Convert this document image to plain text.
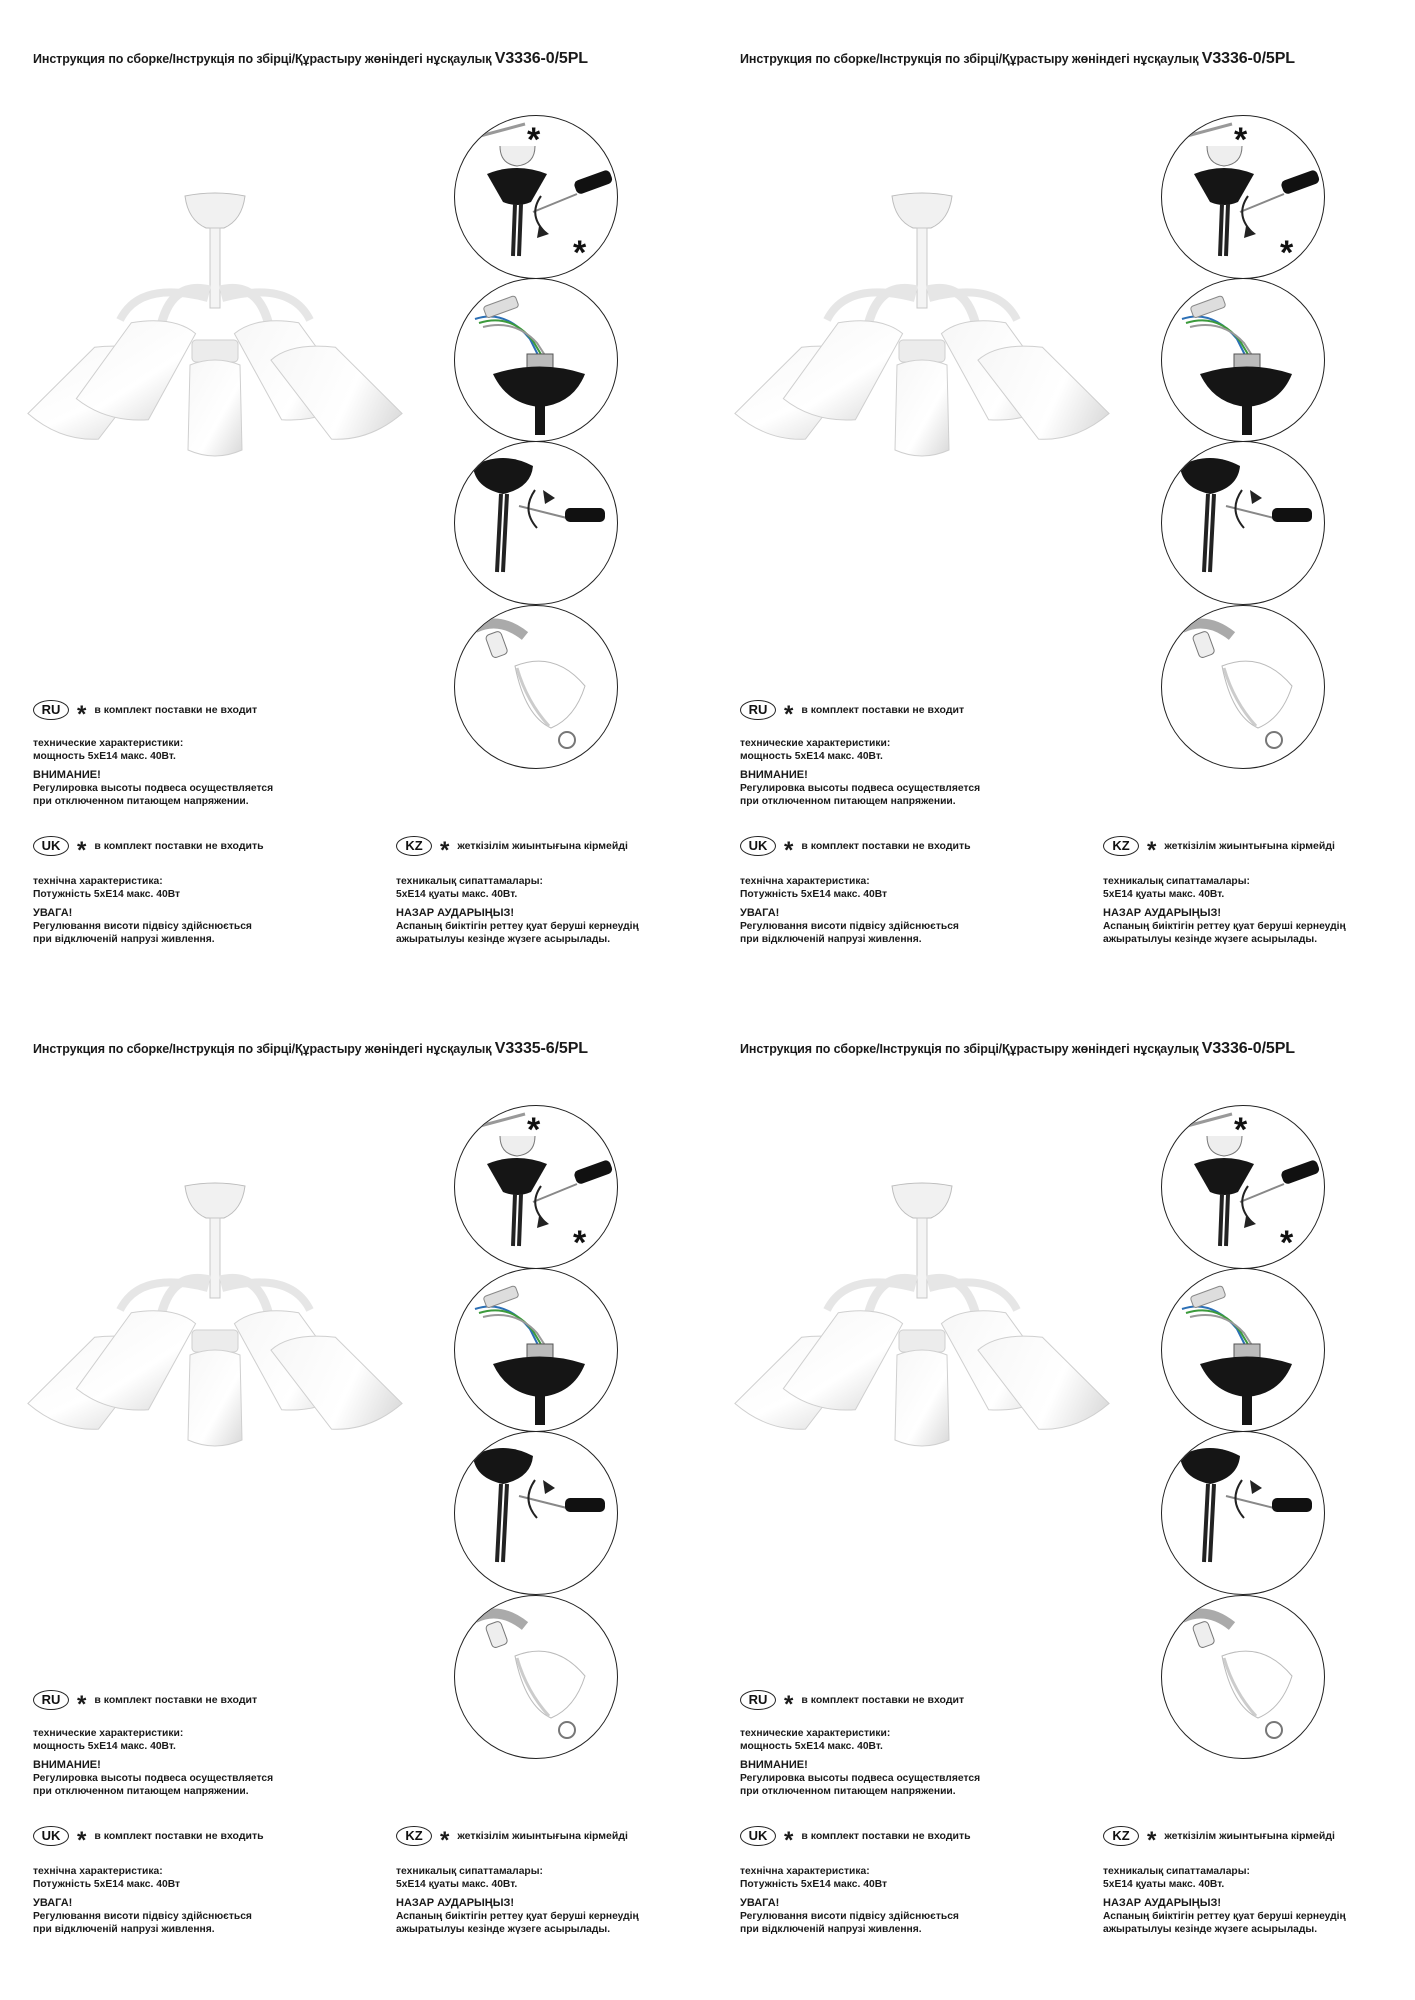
Инструкция по сборке/Інструкція по збірці/Құрастыру жөніндегі нұсқаулық V3336-0/5PL
*
*
RU * в комплект поставки не входит
технические характеристики:
мощность 5xE14 макс. 40Вт.
ВНИМАНИЕ!
Регулировка высоты подвеса осуществляется
при отключенном питающем напряжении.
UK * в комплект поставки не входить
технічна характеристика:
Потужність 5xE14 макс. 40Вт
УВАГА!
Регулювання висоти підвісу здійснюється
при відключеній напрузі живлення.
KZ * жеткізілім жиынтығына кірмейді
техникалық сипаттамалары:
5xE14 қуаты макс. 40Вт.
НАЗАР АУДАРЫҢЫЗ!
Аспаның биіктігін реттеу қуат беруші кернеудің
ажыратылуы кезінде жүзеге асырылады.
Инструкция по сборке/Інструкція по збірці/Құрастыру жөніндегі нұсқаулық V3336-0/5PL
*
*
RU * в комплект поставки не входит
технические характеристики:
мощность 5xE14 макс. 40Вт.
ВНИМАНИЕ!
Регулировка высоты подвеса осуществляется
при отключенном питающем напряжении.
UK * в комплект поставки не входить
технічна характеристика:
Потужність 5xE14 макс. 40Вт
УВАГА!
Регулювання висоти підвісу здійснюється
при відключеній напрузі живлення.
KZ * жеткізілім жиынтығына кірмейді
техникалық сипаттамалары:
5xE14 қуаты макс. 40Вт.
НАЗАР АУДАРЫҢЫЗ!
Аспаның биіктігін реттеу қуат беруші кернеудің
ажыратылуы кезінде жүзеге асырылады.
Инструкция по сборке/Інструкція по збірці/Құрастыру жөніндегі нұсқаулық V3335-6/5PL
*
*
RU * в комплект поставки не входит
технические характеристики:
мощность 5xE14 макс. 40Вт.
ВНИМАНИЕ!
Регулировка высоты подвеса осуществляется
при отключенном питающем напряжении.
UK * в комплект поставки не входить
технічна характеристика:
Потужність 5xE14 макс. 40Вт
УВАГА!
Регулювання висоти підвісу здійснюється
при відключеній напрузі живлення.
KZ * жеткізілім жиынтығына кірмейді
техникалық сипаттамалары:
5xE14 қуаты макс. 40Вт.
НАЗАР АУДАРЫҢЫЗ!
Аспаның биіктігін реттеу қуат беруші кернеудің
ажыратылуы кезінде жүзеге асырылады.
Инструкция по сборке/Інструкція по збірці/Құрастыру жөніндегі нұсқаулық V3336-0/5PL
*
*
RU * в комплект поставки не входит
технические характеристики:
мощность 5xE14 макс. 40Вт.
ВНИМАНИЕ!
Регулировка высоты подвеса осуществляется
при отключенном питающем напряжении.
UK * в комплект поставки не входить
технічна характеристика:
Потужність 5xE14 макс. 40Вт
УВАГА!
Регулювання висоти підвісу здійснюється
при відключеній напрузі живлення.
KZ * жеткізілім жиынтығына кірмейді
техникалық сипаттамалары:
5xE14 қуаты макс. 40Вт.
НАЗАР АУДАРЫҢЫЗ!
Аспаның биіктігін реттеу қуат беруші кернеудің
ажыратылуы кезінде жүзеге асырылады.
